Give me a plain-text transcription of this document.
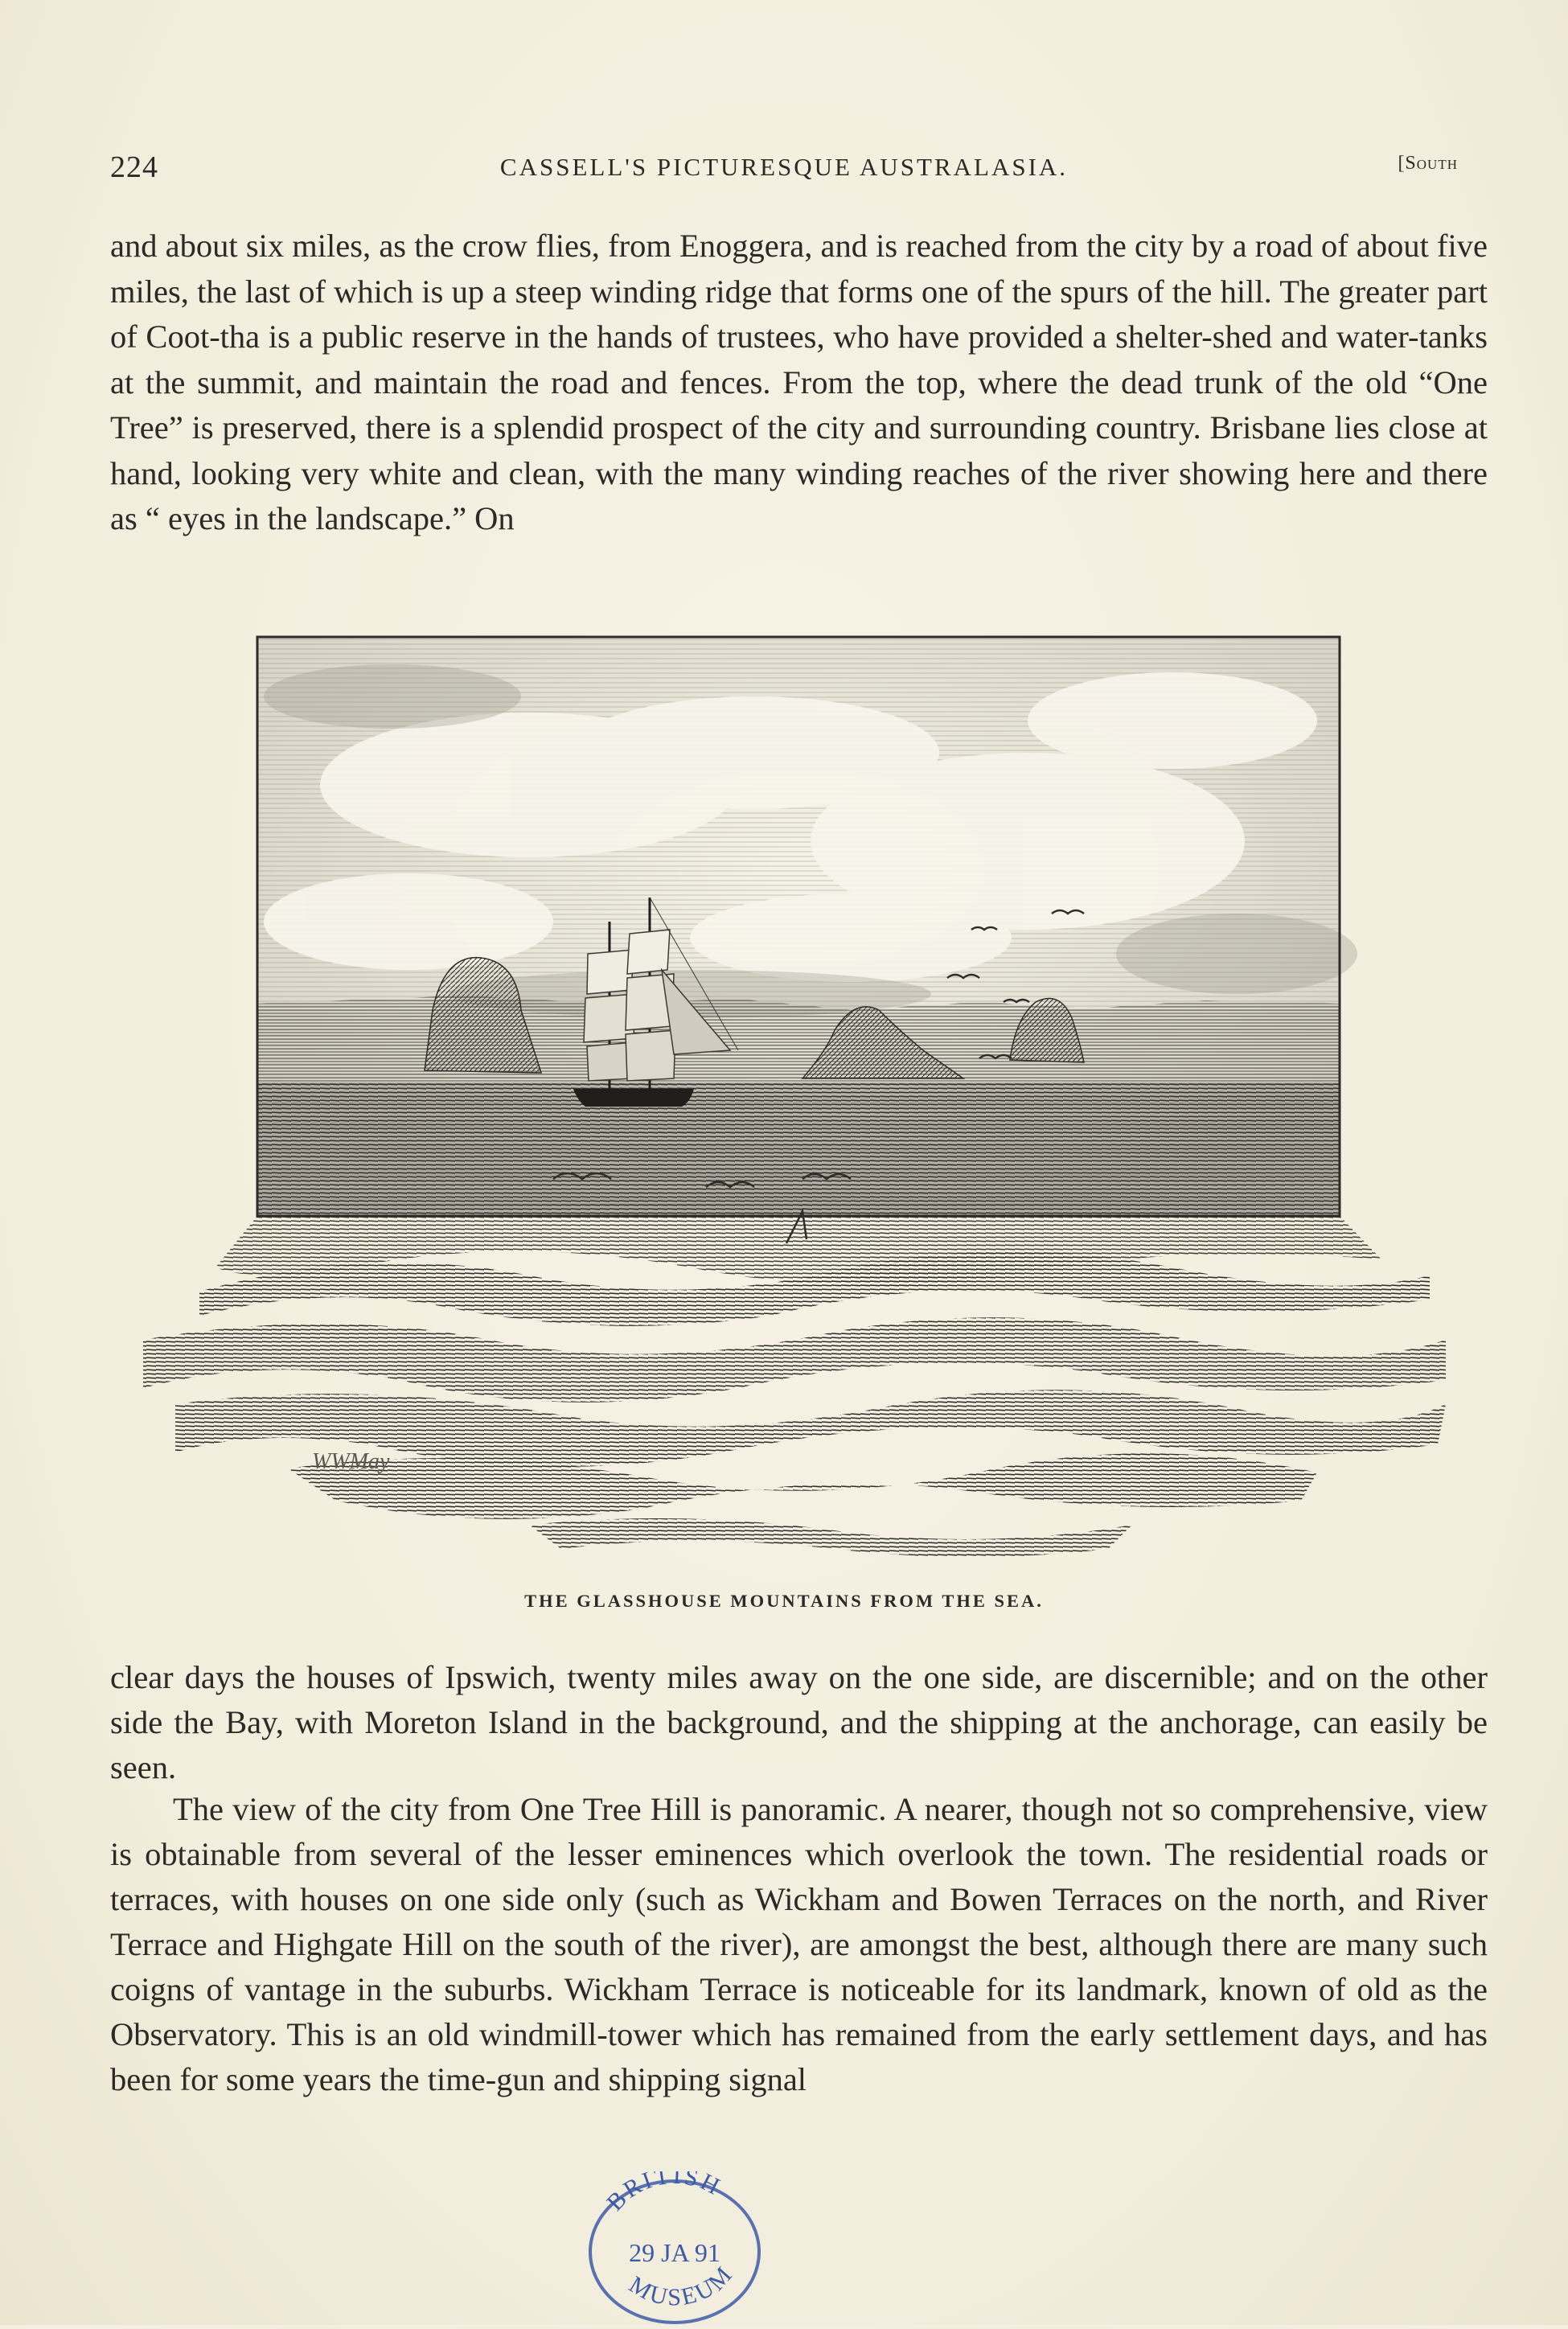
224	CASSELL'S PICTURESQUE AUSTRALASIA.	[South

and about six miles, as the crow flies, from Enoggera, and is reached from the city by a road of about five miles, the last of which is up a steep winding ridge that forms one of the spurs of the hill. The greater part of Coot-tha is a public reserve in the hands of trustees, who have provided a shelter-shed and water-tanks at the summit, and maintain the road and fences. From the top, where the dead trunk of the old “One Tree” is preserved, there is a splendid prospect of the city and surrounding country. Brisbane lies close at hand, looking very white and clean, with the many winding reaches of the river showing here and there as “ eyes in the landscape.” On

WWMay
THE GLASSHOUSE MOUNTAINS FROM THE SEA.

clear days the houses of Ipswich, twenty miles away on the one side, are discernible; and on the other side the Bay, with Moreton Island in the background, and the shipping at the anchorage, can easily be seen.

The view of the city from One Tree Hill is panoramic. A nearer, though not so comprehensive, view is obtainable from several of the lesser eminences which overlook the town. The residential roads or terraces, with houses on one side only (such as Wickham and Bowen Terraces on the north, and River Terrace and Highgate Hill on the south of the river), are amongst the best, although there are many such coigns of vantage in the suburbs. Wickham Terrace is noticeable for its landmark, known of old as the Observatory. This is an old windmill-tower which has remained from the early settlement days, and has been for some years the time-gun and shipping signal

BRITISH
29 JA 91
MUSEUM
